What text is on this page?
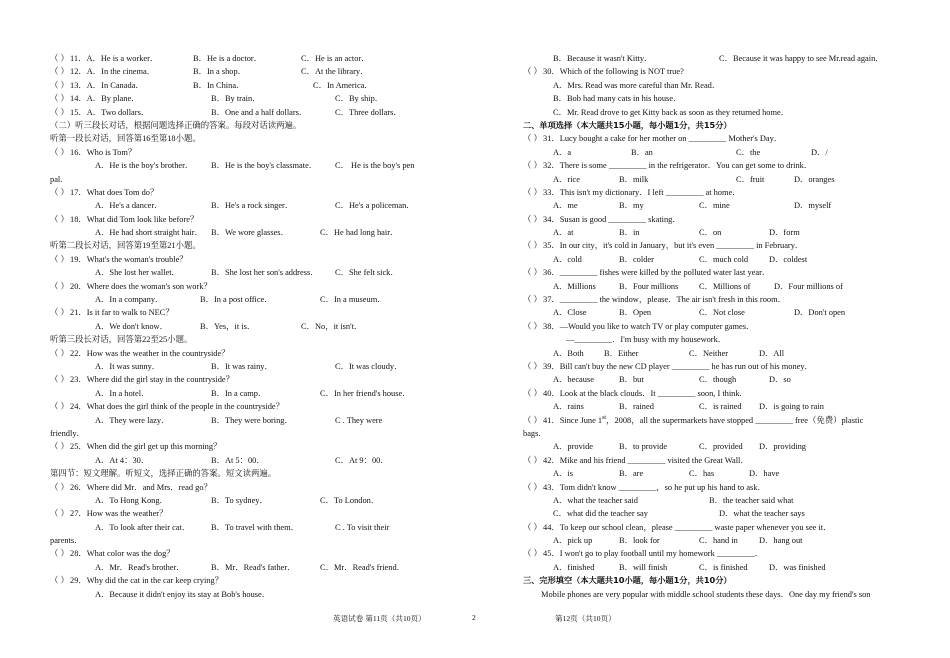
（ ） 11．A．He is a worker．	B．He is a doctor．	C．He is an actor．
（ ） 12．A．In the cinema．	B．In a shop．	C．At the library．
（ ） 13．A．In Canada．	B．In China．	C．In America．
（ ） 14．A．By plane．	B．By train．	C．By ship．
（ ） 15．A．Two dollars．	B．One and a half dollars．	C．Three dollars．
（二）听三段长对话，根据问题选择正确的答案。每段对话读两遍。
听第一段长对话，回答第16至第18小题。
（ ） 16．Who is Tom？
A．He is the boy's brother． B．He is the boy's classmate． C． He is the boy's pen
pal.
（ ） 17．What does Tom do？
A．He's a dancer．	B．He's a rock singer．	C．He's a policeman．
（ ） 18．What did Tom look like before？
A．He had short straight hair． B．We wore glasses．	C．He had long hair．
听第二段长对话，回答第19至第21小题。
（ ） 19．What's the woman's trouble？
A．She lost her wallet．	B．She lost her son's address． C．She felt sick．
（ ） 20．Where does the woman's son work？
A．In a company．	B．In a post office．	C．In a museum．
（ ） 21．Is it far to walk to NEC？
A．We don't know．	B．Yes，it is．	C．No，it isn't．
听第三段长对话，回答第22至25小题。
（ ） 22．How was the weather in the countryside？
A．It was sunny．	B．It was rainy．	C．It was cloudy．
（ ） 23．Where did the girl stay in the countryside？
A．In a hotel．	B．In a camp．	C．In her friend's house．
（ ） 24．What does the girl think of the people in the countryside？
A．They were lazy．	B．They were boring．	C . They were
friendly．
（ ） 25．When did the girl get up this morning？
A．At 4：30．	B．At 5：00．	C．At 9：00．
第四节：短文理解。听短文，选择正确的答案。短文读两遍。
（ ） 26．Where did Mr．and Mrs．read go？
A．To Hong Kong．	B．To sydney．	C．To London．
（ ） 27．How was the weather？
A．To look after their cat． B．To travel with them．	C . To visit their
parents．
（ ） 28．What color was the dog？
A．Mr．Read's brother．	B．Mr．Read's father．	C．Mr．Read's friend．
（ ） 29．Why did the cat in the car keep crying？
A．Because it didn't enjoy its stay at Bob's house．
B．Because it wasn't Kitty．	C．Because it was happy to see Mr.read again．
（ ） 30．Which of the following is NOT true?
A．Mrs. Read was more careful than Mr. Read．
B．Bob had many cats in his house．
C．Mr. Read drove to get Kitty back as soon as they returned home．
二、单项选择（本大题共15小题，每小题1分，共15分）
（ ） 31．Lucy bought a cake for her mother on _________ Mother's Day．
A．a	B．an	C．the	D．/
（ ） 32．There is some _________ in the refrigerator．You can get some to drink．
A．rice	B．milk	C．fruit	D．oranges
（ ） 33．This isn't my dictionary．I left _________ at home．
A．me	B．my	C．mine	D．myself
（ ） 34．Susan is good _________ skating．
A．at	B．in	C．on	D．form
（ ） 35．In our city，it's cold in January，but it's even _________ in February．
A．cold	B．colder	C．much cold D．coldest
（ ） 36．_________ fishes were killed by the polluted water last year．
A．Millions	B．Four millions C．Millions of	D．Four millions of
（ ） 37．_________ the window，please．The air isn't fresh in this room．
A．Close	B．Open	C．Not close	D．Don't open
（ ） 38．—Would you like to watch TV or play computer games．
—_________．I'm busy with my housework．
A．Both B．Either	C．Neither	D．All
（ ） 39．Bill can't buy the new CD player _________ he has run out of his money．
A．because	B．but	C．though	D．so
（ ） 40．Look at the black clouds．It _________ soon, I think.
A．rains	B．rained	C．is rained D．is going to rain
（ ） 41．Since June 1st，2008，all the supermarkets have stopped _________ free（免费）plastic
bags.
A．provide	B．to provide	C．provided D．providing
（ ） 42．Mike and his friend _________ visited the Great Wall．
A．is	B．are	C．has	D．have
（ ） 43．Tom didn't know _________，so he put up his hand to ask．
A．what the teacher said	B．the teacher said what
C．what did the teacher say	D．what the teacher says
（ ） 44．To keep our school clean，please _________ waste paper whenever you see it．
A．pick up	B．look for	C．hand in	D．hang out
（ ） 45．I won't go to play football until my homework _________．
A．finished	B．will finish	C．is finished	D．was finished
三、完形填空（本大题共10小题，每小题1分，共10分）
Mobile phones are very popular with middle school students these days．One day my friend's son
英语试卷 第11页（共10页）	2	第12页（共10页）
